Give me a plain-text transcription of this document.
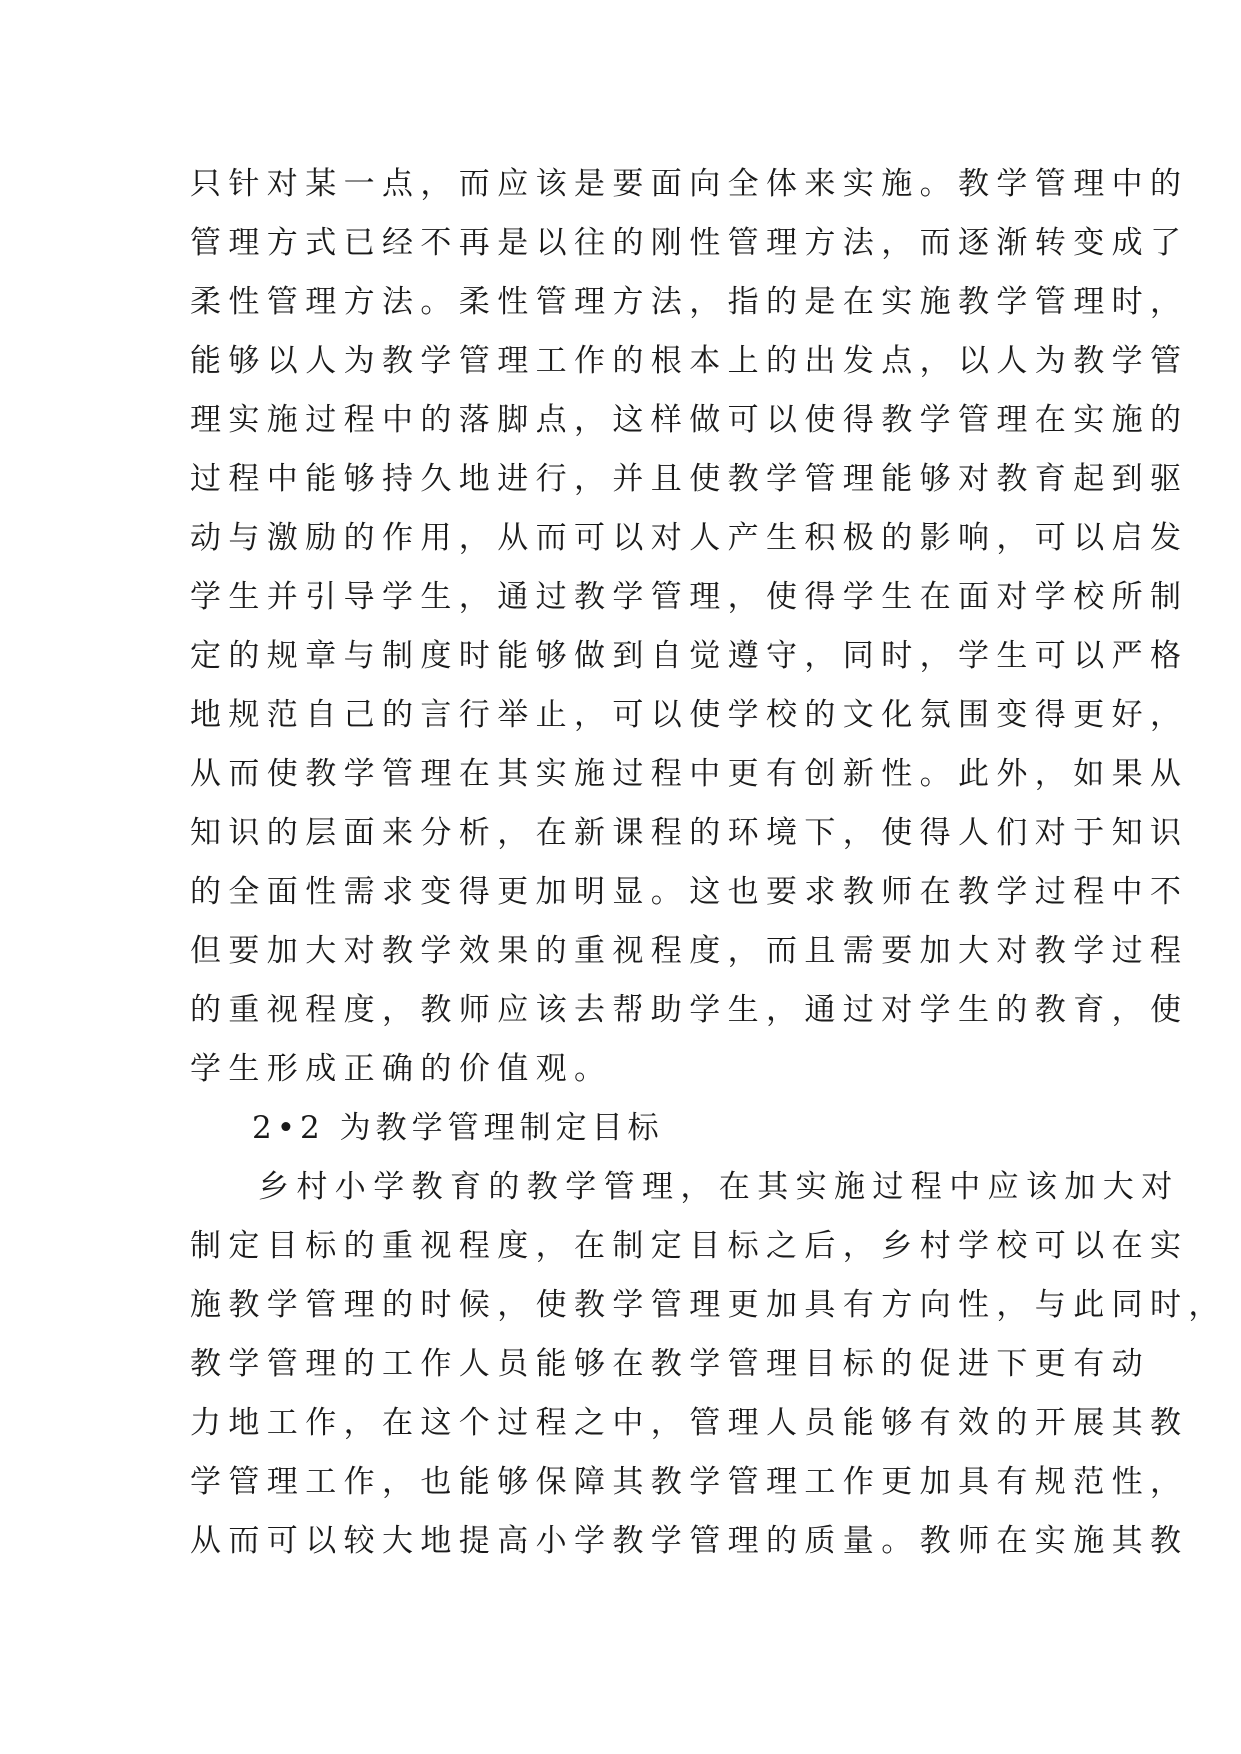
只针对某一点，而应该是要面向全体来实施。教学管理中的
管理方式已经不再是以往的刚性管理方法，而逐渐转变成了
柔性管理方法。柔性管理方法，指的是在实施教学管理时，
能够以人为教学管理工作的根本上的出发点，以人为教学管
理实施过程中的落脚点，这样做可以使得教学管理在实施的
过程中能够持久地进行，并且使教学管理能够对教育起到驱
动与激励的作用，从而可以对人产生积极的影响，可以启发
学生并引导学生，通过教学管理，使得学生在面对学校所制
定的规章与制度时能够做到自觉遵守，同时，学生可以严格
地规范自己的言行举止，可以使学校的文化氛围变得更好，
从而使教学管理在其实施过程中更有创新性。此外，如果从
知识的层面来分析，在新课程的环境下，使得人们对于知识
的全面性需求变得更加明显。这也要求教师在教学过程中不
但要加大对教学效果的重视程度，而且需要加大对教学过程
的重视程度，教师应该去帮助学生，通过对学生的教育，使
学生形成正确的价值观。
2•2 为教学管理制定目标
乡村小学教育的教学管理，在其实施过程中应该加大对
制定目标的重视程度，在制定目标之后，乡村学校可以在实
施教学管理的时候，使教学管理更加具有方向性，与此同时，
教学管理的工作人员能够在教学管理目标的促进下更有动
力地工作，在这个过程之中，管理人员能够有效的开展其教
学管理工作，也能够保障其教学管理工作更加具有规范性，
从而可以较大地提高小学教学管理的质量。教师在实施其教
